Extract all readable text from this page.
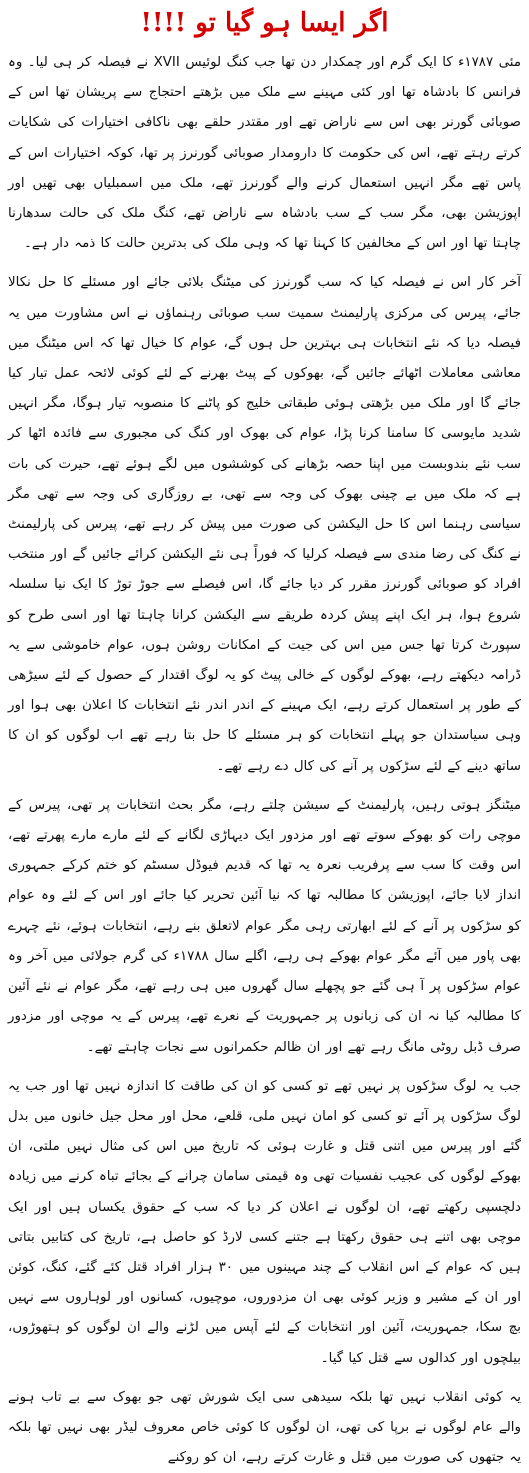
اگر ایسا ہو گیا تو !!!!

مئی ۱۷۸۷ء کا ایک گرم اور چمکدار دن تھا جب کنگ لوئیس XVII نے فیصلہ کر ہی لیا۔ وہ فرانس کا بادشاہ تھا اور کئی مہینے سے ملک میں بڑھتے احتجاج سے پریشان تھا اس کے صوبائی گورنر بھی اس سے ناراض تھے اور مقتدر حلقے بھی ناکافی اختیارات کی شکایات کرتے رہتے تھے، اس کی حکومت کا دارومدار صوبائی گورنرز پر تھا، کوکہ اختیارات اس کے پاس تھے مگر انہیں استعمال کرنے والے گورنرز تھے، ملک میں اسمبلیاں بھی تھیں اور اپوزیشن بھی، مگر سب کے سب بادشاہ سے ناراض تھے، کنگ ملک کی حالت سدھارنا چاہتا تھا اور اس کے مخالفین کا کہنا تھا کہ وہی ملک کی بدترین حالت کا ذمہ دار ہے۔

آخر کار اس نے فیصلہ کیا کہ سب گورنرز کی میٹنگ بلائی جائے اور مسئلے کا حل نکالا جائے، پیرس کی مرکزی پارلیمنٹ سمیت سب صوبائی رہنماؤں نے اس مشاورت میں یہ فیصلہ دیا کہ نئے انتخابات ہی بہترین حل ہوں گے، عوام کا خیال تھا کہ اس میٹنگ میں معاشی معاملات اٹھائے جائیں گے، بھوکوں کے پیٹ بھرنے کے لئے کوئی لائحہ عمل تیار کیا جائے گا اور ملک میں بڑھتی ہوئی طبقاتی خلیج کو پاٹنے کا منصوبہ تیار ہوگا، مگر انہیں شدید مایوسی کا سامنا کرنا پڑا، عوام کی بھوک اور کنگ کی مجبوری سے فائدہ اٹھا کر سب نئے بندوبست میں اپنا حصہ بڑھانے کی کوششوں میں لگے ہوئے تھے، حیرت کی بات ہے کہ ملک میں بے چینی بھوک کی وجہ سے تھی، بے روزگاری کی وجہ سے تھی مگر سیاسی رہنما اس کا حل الیکشن کی صورت میں پیش کر رہے تھے، پیرس کی پارلیمنٹ نے کنگ کی رضا مندی سے فیصلہ کرلیا کہ فوراً ہی نئے الیکشن کرائے جائیں گے اور منتخب افراد کو صوبائی گورنرز مقرر کر دیا جائے گا، اس فیصلے سے جوڑ توڑ کا ایک نیا سلسلہ شروع ہوا، ہر ایک اپنے پیش کردہ طریقے سے الیکشن کرانا چاہتا تھا اور اسی طرح کو سپورٹ کرتا تھا جس میں اس کی جیت کے امکانات روشن ہوں، عوام خاموشی سے یہ ڈرامہ دیکھتے رہے، بھوکے لوگوں کے خالی پیٹ کو یہ لوگ اقتدار کے حصول کے لئے سیڑھی کے طور پر استعمال کرتے رہے، ایک مہینے کے اندر اندر نئے انتخابات کا اعلان بھی ہوا اور وہی سیاستدان جو پہلے انتخابات کو ہر مسئلے کا حل بتا رہے تھے اب لوگوں کو ان کا ساتھ دینے کے لئے سڑکوں پر آنے کی کال دے رہے تھے۔

میٹنگز ہوتی رہیں، پارلیمنٹ کے سیشن چلتے رہے، مگر بحث انتخابات پر تھی، پیرس کے موچی رات کو بھوکے سوتے تھے اور مزدور ایک دیہاڑی لگانے کے لئے مارے مارے پھرتے تھے، اس وقت کا سب سے پرفریب نعرہ یہ تھا کہ قدیم فیوڈل سسٹم کو ختم کرکے جمہوری انداز لایا جائے، اپوزیشن کا مطالبہ تھا کہ نیا آئین تحریر کیا جائے اور اس کے لئے وہ عوام کو سڑکوں پر آنے کے لئے ابھارتی رہی مگر عوام لاتعلق بنے رہے، انتخابات ہوئے، نئے چہرے بھی پاور میں آئے مگر عوام بھوکے ہی رہے، اگلے سال ۱۷۸۸ء کی گرم جولائی میں آخر وہ عوام سڑکوں پر آ ہی گئے جو پچھلے سال گھروں میں ہی رہے تھے، مگر عوام نے نئے آئین کا مطالبہ کیا نہ ان کی زبانوں پر جمہوریت کے نعرے تھے، پیرس کے یہ موچی اور مزدور صرف ڈبل روٹی مانگ رہے تھے اور ان ظالم حکمرانوں سے نجات چاہتے تھے۔

جب یہ لوگ سڑکوں پر نہیں تھے تو کسی کو ان کی طاقت کا اندازہ نہیں تھا اور جب یہ لوگ سڑکوں پر آئے تو کسی کو امان نہیں ملی، قلعے، محل اور محل جیل خانوں میں بدل گئے اور پیرس میں اتنی قتل و غارت ہوئی کہ تاریخ میں اس کی مثال نہیں ملتی، ان بھوکے لوگوں کی عجیب نفسیات تھی وہ قیمتی سامان چرانے کے بجائے تباہ کرنے میں زیادہ دلچسپی رکھتے تھے، ان لوگوں نے اعلان کر دیا کہ سب کے حقوق یکساں ہیں اور ایک موچی بھی اتنے ہی حقوق رکھتا ہے جتنے کسی لارڈ کو حاصل ہے، تاریخ کی کتابیں بتاتی ہیں کہ عوام کے اس انقلاب کے چند مہینوں میں ۳۰ ہزار افراد قتل کئے گئے، کنگ، کوئن اور ان کے مشیر و وزیر کوئی بھی ان مزدوروں، موچیوں، کسانوں اور لوہاروں سے نہیں بچ سکا، جمہوریت، آئین اور انتخابات کے لئے آپس میں لڑنے والے ان لوگوں کو ہتھوڑوں، بیلچوں اور کدالوں سے قتل کیا گیا۔

یہ کوئی انقلاب نہیں تھا بلکہ سیدھی سی ایک شورش تھی جو بھوک سے بے تاب ہونے والے عام لوگوں نے برپا کی تھی، ان لوگوں کا کوئی خاص معروف لیڈر بھی نہیں تھا بلکہ یہ جتھوں کی صورت میں قتل و غارت کرتے رہے، ان کو روکنے
